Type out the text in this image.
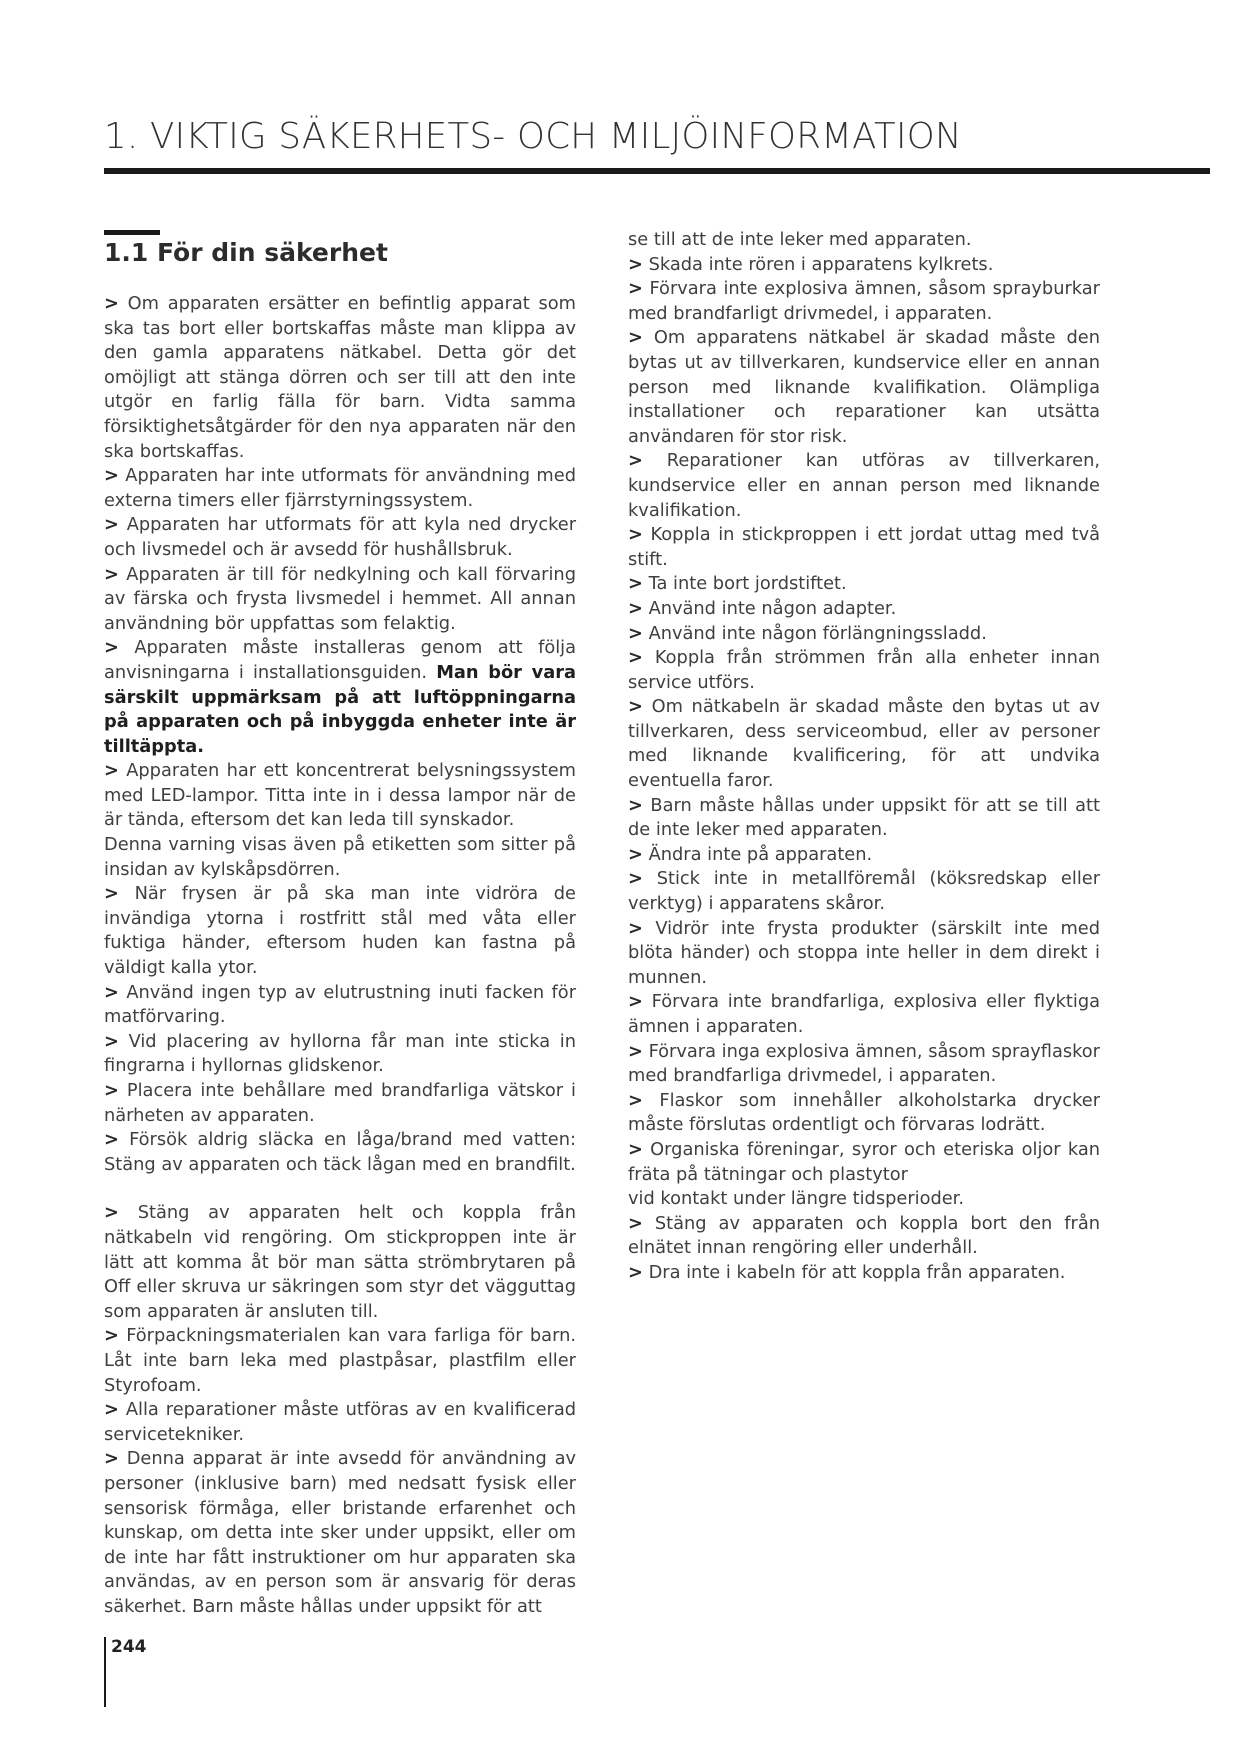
1. VIKTIG SÄKERHETS- OCH MILJÖINFORMATION
1.1 För din säkerhet

> Om apparaten ersätter en befintlig apparat som ska tas bort eller bortskaffas måste man klippa av den gamla apparatens nätkabel. Detta gör det omöjligt att stänga dörren och ser till att den inte utgör en farlig fälla för barn. Vidta samma försiktighetsåtgärder för den nya apparaten när den ska bortskaffas.

> Apparaten har inte utformats för användning med externa timers eller fjärrstyrningssystem.

> Apparaten har utformats för att kyla ned drycker och livsmedel och är avsedd för hushållsbruk.

> Apparaten är till för nedkylning och kall förvaring av färska och frysta livsmedel i hemmet. All annan användning bör uppfattas som felaktig.

> Apparaten måste installeras genom att följa anvisningarna i installationsguiden. Man bör vara särskilt uppmärksam på att luftöppningarna på apparaten och på inbyggda enheter inte är tilltäppta.

> Apparaten har ett koncentrerat belysningssystem med LED-lampor. Titta inte in i dessa lampor när de är tända, eftersom det kan leda till synskador.

Denna varning visas även på etiketten som sitter på insidan av kylskåpsdörren.

> När frysen är på ska man inte vidröra de invändiga ytorna i rostfritt stål med våta eller fuktiga händer, eftersom huden kan fastna på väldigt kalla ytor.

> Använd ingen typ av elutrustning inuti facken för matförvaring.

> Vid placering av hyllorna får man inte sticka in fingrarna i hyllornas glidskenor.

> Placera inte behållare med brandfarliga vätskor i närheten av apparaten.

> Försök aldrig släcka en låga/brand med vatten: Stäng av apparaten och täck lågan med en brandfilt.

> Stäng av apparaten helt och koppla från nätkabeln vid rengöring. Om stickproppen inte är lätt att komma åt bör man sätta strömbrytaren på Off eller skruva ur säkringen som styr det vägguttag som apparaten är ansluten till.

> Förpackningsmaterialen kan vara farliga för barn. Låt inte barn leka med plastpåsar, plastfilm eller Styrofoam.

> Alla reparationer måste utföras av en kvalificerad servicetekniker.

> Denna apparat är inte avsedd för användning av personer (inklusive barn) med nedsatt fysisk eller sensorisk förmåga, eller bristande erfarenhet och kunskap, om detta inte sker under uppsikt, eller om de inte har fått instruktioner om hur apparaten ska användas, av en person som är ansvarig för deras säkerhet. Barn måste hållas under uppsikt för att

se till att de inte leker med apparaten.

> Skada inte rören i apparatens kylkrets.

> Förvara inte explosiva ämnen, såsom sprayburkar med brandfarligt drivmedel, i apparaten.

> Om apparatens nätkabel är skadad måste den bytas ut av tillverkaren, kundservice eller en annan person med liknande kvalifikation. Olämpliga installationer och reparationer kan utsätta användaren för stor risk.

> Reparationer kan utföras av tillverkaren, kundservice eller en annan person med liknande kvalifikation.

> Koppla in stickproppen i ett jordat uttag med två stift.

> Ta inte bort jordstiftet.

> Använd inte någon adapter.

> Använd inte någon förlängningssladd.

> Koppla från strömmen från alla enheter innan service utförs.

> Om nätkabeln är skadad måste den bytas ut av tillverkaren, dess serviceombud, eller av personer med liknande kvalificering, för att undvika eventuella faror.

> Barn måste hållas under uppsikt för att se till att de inte leker med apparaten.

> Ändra inte på apparaten.

> Stick inte in metallföremål (köksredskap eller verktyg) i apparatens skåror.

> Vidrör inte frysta produkter (särskilt inte med blöta händer) och stoppa inte heller in dem direkt i munnen.

> Förvara inte brandfarliga, explosiva eller flyktiga ämnen i apparaten.

> Förvara inga explosiva ämnen, såsom sprayflaskor med brandfarliga drivmedel, i apparaten.

> Flaskor som innehåller alkoholstarka drycker måste förslutas ordentligt och förvaras lodrätt.

> Organiska föreningar, syror och eteriska oljor kan fräta på tätningar och plastytor

vid kontakt under längre tidsperioder.

> Stäng av apparaten och koppla bort den från elnätet innan rengöring eller underhåll.

> Dra inte i kabeln för att koppla från apparaten.

244
